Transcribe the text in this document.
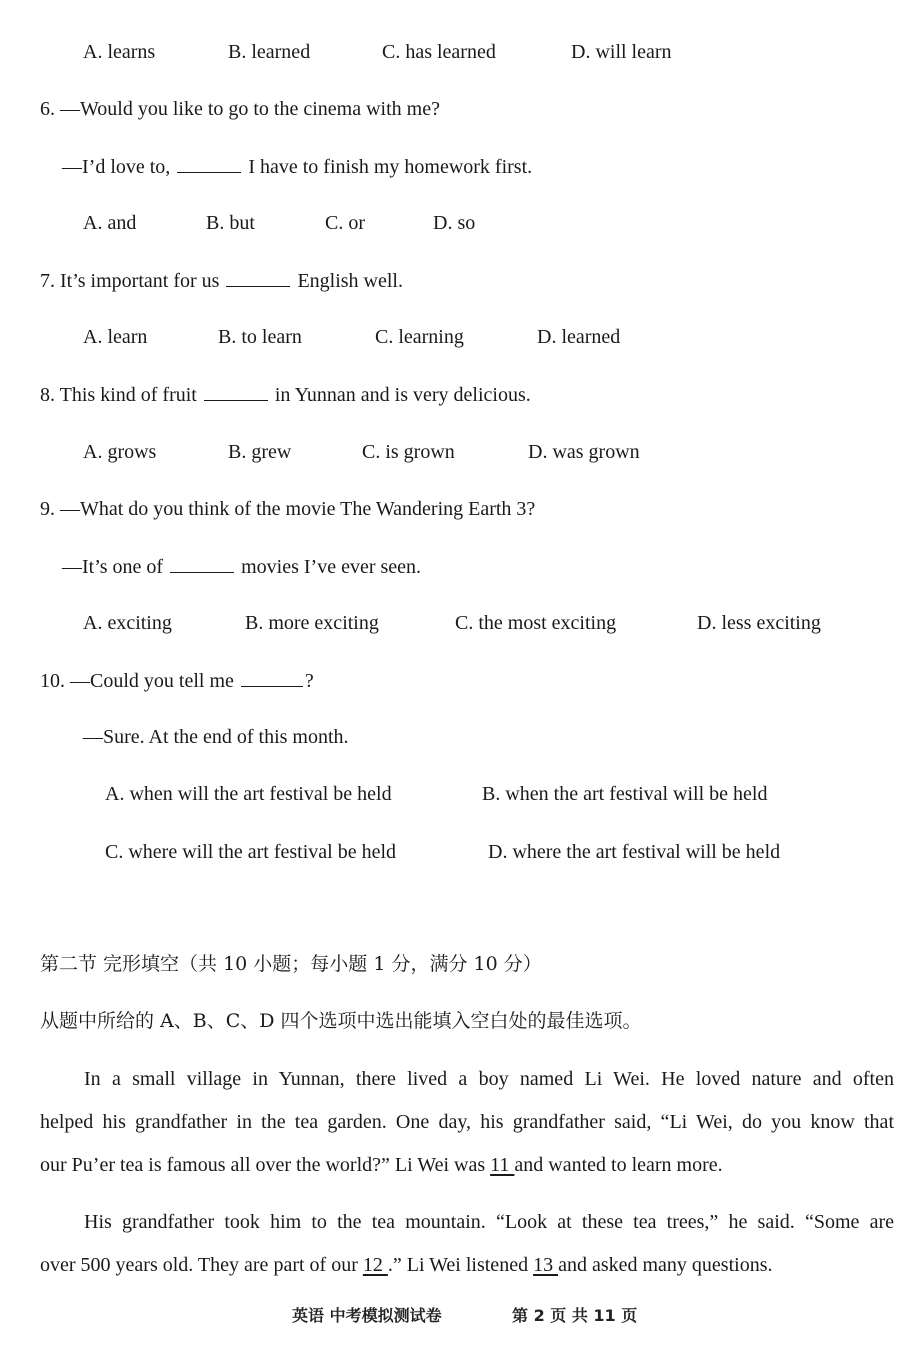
A. learns	B. learned	C. has learned	D. will learn
6. —Would you like to go to the cinema with me?
—I’d love to,	I have to finish my homework first.
A. and	B. but	C. or	D. so
7. It’s important for us	English well.
A. learn	B. to learn	C. learning	D. learned
8. This kind of fruit	in Yunnan and is very delicious.
A. grows	B. grew	C. is grown	D. was grown
9. —What do you think of the movie The Wandering Earth 3?
—It’s one of	movies I’ve ever seen.
A. exciting	B. more exciting	C. the most exciting	D. less exciting
10. —Could you tell me	?
—Sure. At the end of this month.
A. when will the art festival be held	B. when the art festival will be held
C. where will the art festival be held	D. where the art festival will be held
第二节 完形填空（共 10 小题；每小题 1 分，满分 10 分）
从题中所给的 A、B、C、D 四个选项中选出能填入空白处的最佳选项。
In a small village in Yunnan, there lived a boy named Li Wei. He loved nature and often
helped his grandfather in the tea garden. One day, his grandfather said, “Li Wei, do you know that
our Pu’er tea is famous all over the world?” Li Wei was 11 and wanted to learn more.
His grandfather took him to the tea mountain. “Look at these tea trees,” he said. “Some are
over 500 years old. They are part of our 12 .” Li Wei listened 13 and asked many questions.
英语 中考模拟测试卷	第 2 页 共 11 页
